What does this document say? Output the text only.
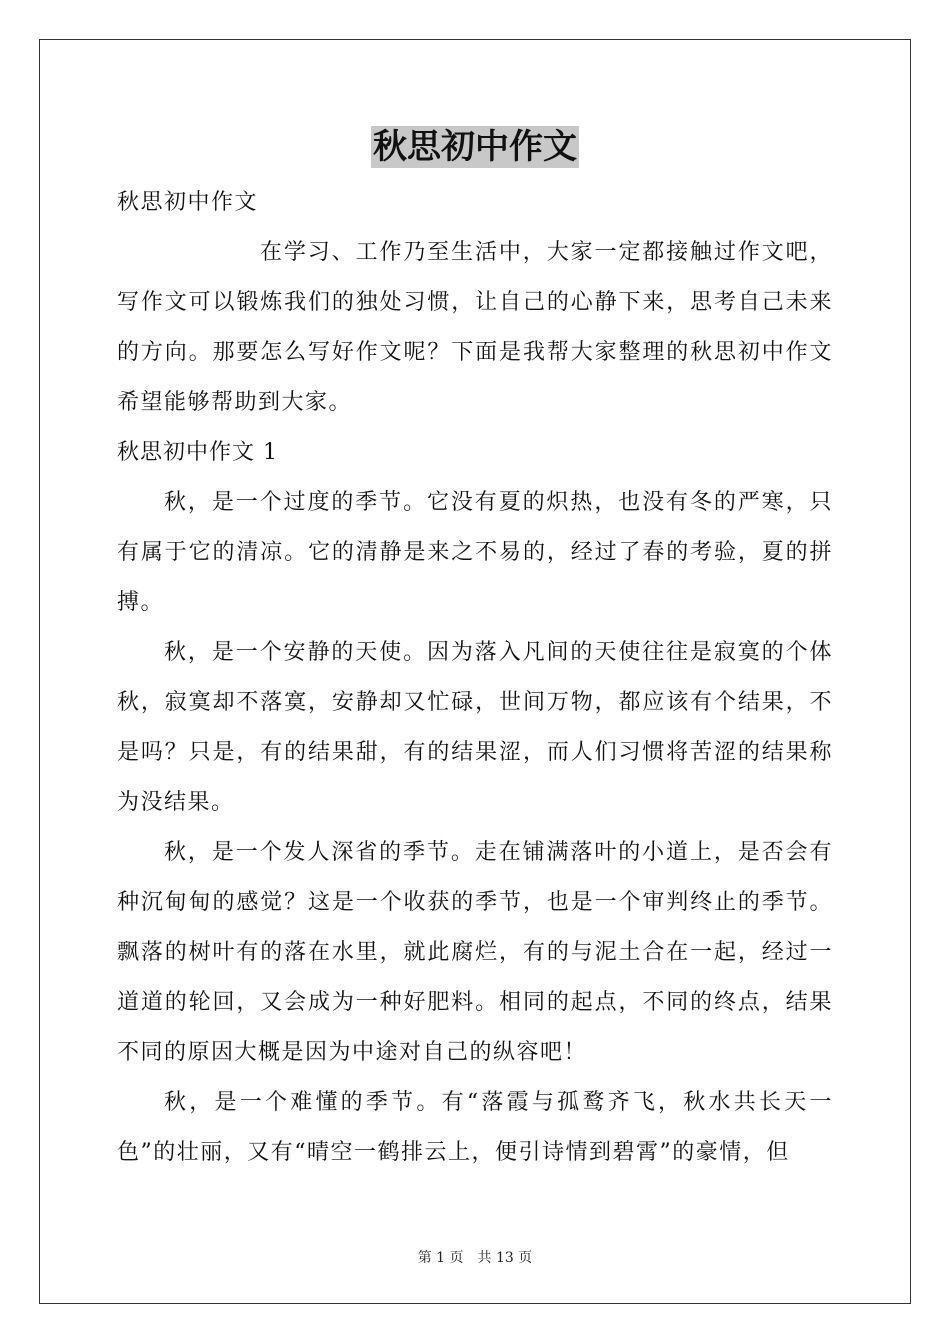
秋思初中作文

秋思初中作文

在学习、工作乃至生活中，大家一定都接触过作文吧，写作文可以锻炼我们的独处习惯，让自己的心静下来，思考自己未来的方向。那要怎么写好作文呢？下面是我帮大家整理的秋思初中作文希望能够帮助到大家。

秋思初中作文 1

秋，是一个过度的季节。它没有夏的炽热，也没有冬的严寒，只有属于它的清凉。它的清静是来之不易的，经过了春的考验，夏的拼搏。

秋，是一个安静的天使。因为落入凡间的天使往往是寂寞的个体秋，寂寞却不落寞，安静却又忙碌，世间万物，都应该有个结果，不是吗？只是，有的结果甜，有的结果涩，而人们习惯将苦涩的结果称为没结果。

秋，是一个发人深省的季节。走在铺满落叶的小道上，是否会有种沉甸甸的感觉？这是一个收获的季节，也是一个审判终止的季节。飘落的树叶有的落在水里，就此腐烂，有的与泥土合在一起，经过一道道的轮回，又会成为一种好肥料。相同的起点，不同的终点，结果不同的原因大概是因为中途对自己的纵容吧！

秋，是一个难懂的季节。有“落霞与孤鹜齐飞，秋水共长天一色”的壮丽，又有“晴空一鹤排云上，便引诗情到碧霄”的豪情，但

第 1 页　共 13 页
